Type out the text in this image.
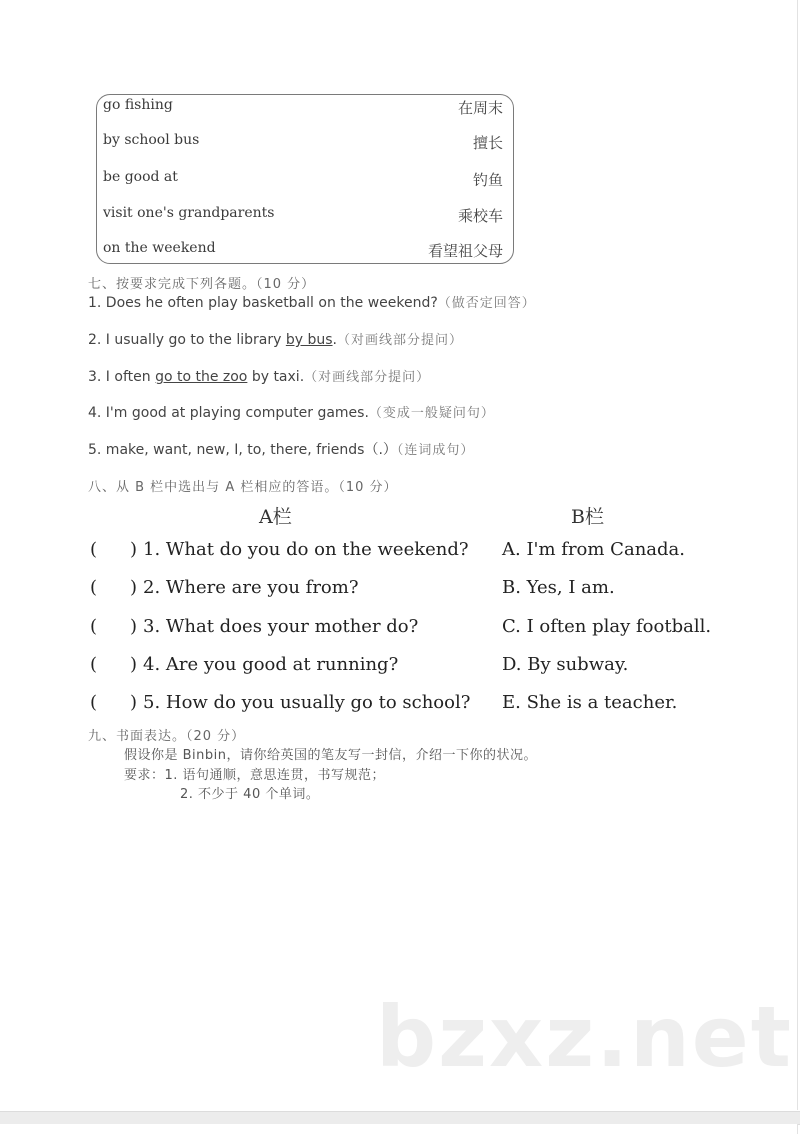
go fishing	在周末
by school bus	擅长
be good at	钓鱼
visit one's grandparents	乘校车
on the weekend	看望祖父母
七、按要求完成下列各题。（10 分）
1. Does he often play basketball on the weekend?（做否定回答）
2. I usually go to the library by bus.（对画线部分提问）
3. I often go to the zoo by taxi.（对画线部分提问）
4. I'm good at playing computer games.（变成一般疑问句）
5. make, want, new, I, to, there, friends（.）（连词成句）
八、从 B 栏中选出与 A 栏相应的答语。（10 分）
A栏	B栏
( ) 1. What do you do on the weekend? A. I'm from Canada.
( ) 2. Where are you from?	B. Yes, I am.
( ) 3. What does your mother do?	C. I often play football.
( ) 4. Are you good at running?	D. By subway.
( ) 5. How do you usually go to school? E. She is a teacher.
九、书面表达。（20 分）
假设你是 Binbin，请你给英国的笔友写一封信，介绍一下你的状况。
要求：1. 语句通顺，意思连贯，书写规范；
2. 不少于 40 个单词。
bzxz.net
